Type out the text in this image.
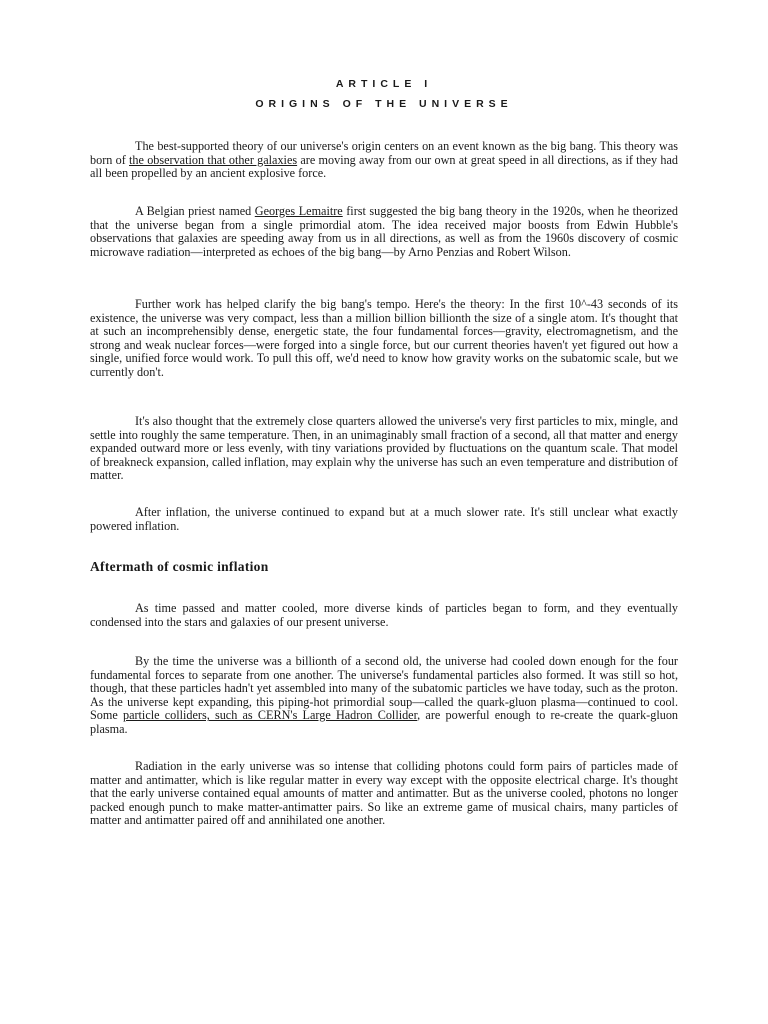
ARTICLE I
ORIGINS OF THE UNIVERSE

The best-supported theory of our universe's origin centers on an event known as the big bang. This theory was born of the observation that other galaxies are moving away from our own at great speed in all directions, as if they had all been propelled by an ancient explosive force.

A Belgian priest named Georges Lemaitre first suggested the big bang theory in the 1920s, when he theorized that the universe began from a single primordial atom. The idea received major boosts from Edwin Hubble's observations that galaxies are speeding away from us in all directions, as well as from the 1960s discovery of cosmic microwave radiation—interpreted as echoes of the big bang—by Arno Penzias and Robert Wilson.

Further work has helped clarify the big bang's tempo. Here's the theory: In the first 10^-43 seconds of its existence, the universe was very compact, less than a million billion billionth the size of a single atom. It's thought that at such an incomprehensibly dense, energetic state, the four fundamental forces—gravity, electromagnetism, and the strong and weak nuclear forces—were forged into a single force, but our current theories haven't yet figured out how a single, unified force would work. To pull this off, we'd need to know how gravity works on the subatomic scale, but we currently don't.

It's also thought that the extremely close quarters allowed the universe's very first particles to mix, mingle, and settle into roughly the same temperature. Then, in an unimaginably small fraction of a second, all that matter and energy expanded outward more or less evenly, with tiny variations provided by fluctuations on the quantum scale. That model of breakneck expansion, called inflation, may explain why the universe has such an even temperature and distribution of matter.

After inflation, the universe continued to expand but at a much slower rate. It's still unclear what exactly powered inflation.

Aftermath of cosmic inflation

As time passed and matter cooled, more diverse kinds of particles began to form, and they eventually condensed into the stars and galaxies of our present universe.

By the time the universe was a billionth of a second old, the universe had cooled down enough for the four fundamental forces to separate from one another. The universe's fundamental particles also formed. It was still so hot, though, that these particles hadn't yet assembled into many of the subatomic particles we have today, such as the proton. As the universe kept expanding, this piping-hot primordial soup—called the quark-gluon plasma—continued to cool. Some particle colliders, such as CERN's Large Hadron Collider, are powerful enough to re-create the quark-gluon plasma.

Radiation in the early universe was so intense that colliding photons could form pairs of particles made of matter and antimatter, which is like regular matter in every way except with the opposite electrical charge. It's thought that the early universe contained equal amounts of matter and antimatter. But as the universe cooled, photons no longer packed enough punch to make matter-antimatter pairs. So like an extreme game of musical chairs, many particles of matter and antimatter paired off and annihilated one another.
